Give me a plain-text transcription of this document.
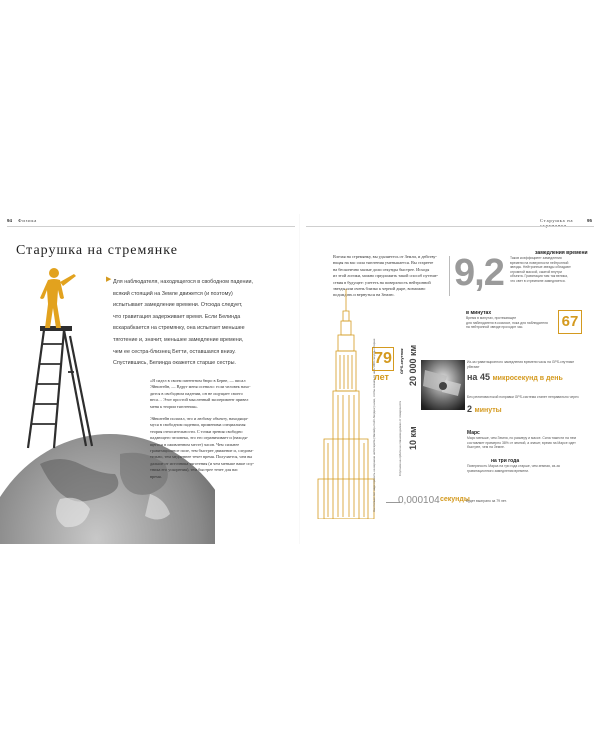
94 Физика
Старушка на стремянке
▶ Для наблюдателя, находящегося в свободном падении,
всякий стоящий на Земле движется (и поэтому)
испытывает замедление времени. Отсюда следует,
что гравитация задерживает время. Если Белинда
вскарабкается на стремянку, она испытает меньшее
тяготение и, значит, меньшее замедление времени,
чем ее сестра-близнец Бетти, оставшаяся внизу.
Спустившись, Белинда окажется старше сестры.
«Я сидел в своем патентном бюро в Берне, — писал
Эйнштейн, — Вдруг меня осенило: если человек нахо-
дится в свободном падении, он не ощущает своего
веса… Этот простой мысленный эксперимент привел
меня к теории тяготения».
Эйнштейн полагал, что и любому объекту, находящи-
муся в свободном падении, применима специальная
теория относительности. С точки зрения свободно
падающего человека, это его ограничивает и (находя-
щегося в оживленном месте) часов. Чем сильнее
гравитационное поле, тем быстрее движение и, следова-
тельно, тем медленнее течет время. Получается, чем вы
дальше от источника тяготения (и чем меньше ваше спу-
тника его ускорения), тем быстрее течет для вас
время.
Старушка на	95
Влезая на стремянку, вы удаляетесь от Земли, и действу-
ющая на вас сила тяготения уменьшается. Вы стареете
на бесконечно малые доли секунды быстрее. Исходя
из этой логики, можно предложить такой способ путеше-
ствия в будущее: улететь на поверхность нейтронной
звезды или очень близко к черной дыре, возможно
подождать и вернуться на Землю.
9,2 Таков коэффициент замедления
времени на поверхности нейтронной
звезды. Нейтронные звезды обладают
огромной массой, сжатой внутри
объекта. Гравитация там так велика,
что свет в стремнине замедляется.
замедления времени
Время в минутах, протекающее
для наблюдателя в космосе, пока для наблюдателя
на нейтронной звезде проходит час.
в минутах	67
79
лет
На столько лет надо прожить на вершине небоскреба (Эмпайр-стейт-билдинг) ниже, чтобы оказаться на 1/1000 секунды старше 0,000104 секунды
Будет выиграно за 79 лет.
20 000 км
GPS-спутник
10 км
Спутники на орбите не слишком далеко от поверхности
Из-за гравитационного замедления времени часы на GPS-спутнике убегают
на 45 микросекунд в день
Без релятивистской поправки GPS-система станет неправильно через
2 минуты
Марс меньше, чем Земля, по размеру и массе. Сила тяжести на нем
составляет примерно 38% от земной, а значит, время на Марсе идет
быстрее, чем на Земле.
Марс
Поверхность Марса на три года старше, чем земная, из-за
гравитационного замедления времени.
на три года
